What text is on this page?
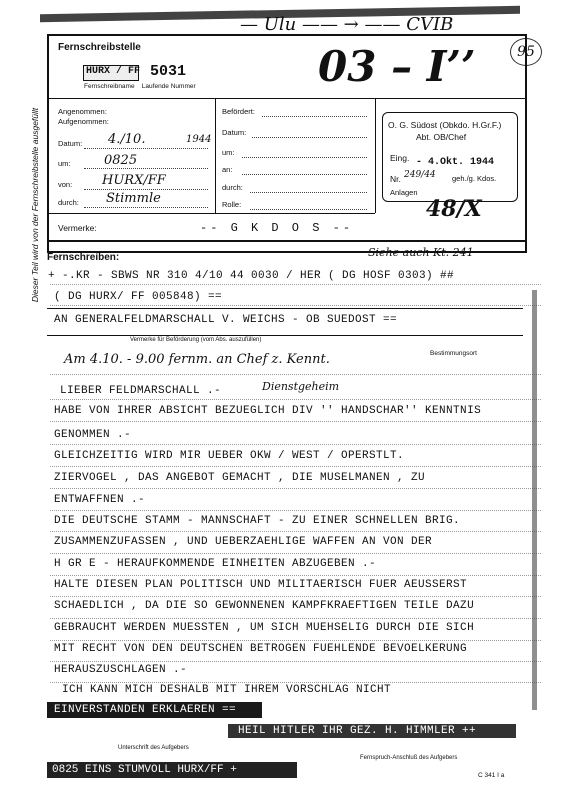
— Ulu —— → —— CVIB
95
Dieser Teil wird von der Fernschreibstelle ausgefüllt
Fernschreibstelle
HURX / FF 5031
Fernschreibname    Laufende Nummer	03 – I’’
Angenommen:
Aufgenommen:
Datum: 4./10.	1944
um:	0825
von: HURX/FF
durch: Stimmle
Befördert:
Datum:
um:
an:
durch:
Rolle:
O. G. Südost (Obkdo. H.Gr.F.)
Abt. OB/Chef
Eing. - 4.Okt. 1944
Nr. 249/44 geh./g. Kdos.
Anlagen
48/X
Vermerke:	-- G K D O S --
Fernschreiben:	Siehe auch Kt. 241
+ -.KR - SBWS NR 310 4/10 44 0030 / HER ( DG HOSF 0303) ##
( DG HURX/ FF 005848) ==
AN GENERALFELDMARSCHALL V. WEICHS - OB SUEDOST ==
Vermerke für Beförderung (vom Abs. auszufüllen)
Bestimmungsort
Am 4.10. - 9.00 fernm. an Chef z. Kennt.
LIEBER FELDMARSCHALL .-	Dienstgeheim
HABE VON IHRER ABSICHT BEZUEGLICH DIV '' HANDSCHAR'' KENNTNIS
GENOMMEN .-
GLEICHZEITIG WIRD MIR UEBER OKW / WEST / OPERSTLT.
ZIERVOGEL , DAS ANGEBOT GEMACHT , DIE MUSELMANEN , ZU
ENTWAFFNEN .-
DIE DEUTSCHE STAMM - MANNSCHAFT - ZU EINER SCHNELLEN BRIG.
ZUSAMMENZUFASSEN , UND UEBERZAEHLIGE WAFFEN AN VON DER
H GR E - HERAUFKOMMENDE EINHEITEN ABZUGEBEN .-
HALTE DIESEN PLAN POLITISCH UND MILITAERISCH FUER AEUSSERST
SCHAEDLICH , DA DIE SO GEWONNENEN KAMPFKRAEFTIGEN TEILE DAZU
GEBRAUCHT WERDEN MUESSTEN , UM SICH MUEHSELIG DURCH DIE SICH
MIT RECHT VON DEN DEUTSCHEN BETROGEN FUEHLENDE BEVOELKERUNG
HERAUSZUSCHLAGEN .-
ICH KANN MICH DESHALB MIT IHREM VORSCHLAG NICHT
EINVERSTANDEN ERKLAEREN ==
HEIL HITLER IHR GEZ. H. HIMMLER ++
Unterschrift des Aufgebers
Fernspruch-Anschluß des Aufgebers
0825 EINS STUMVOLL HURX/FF +	C 341 I a
